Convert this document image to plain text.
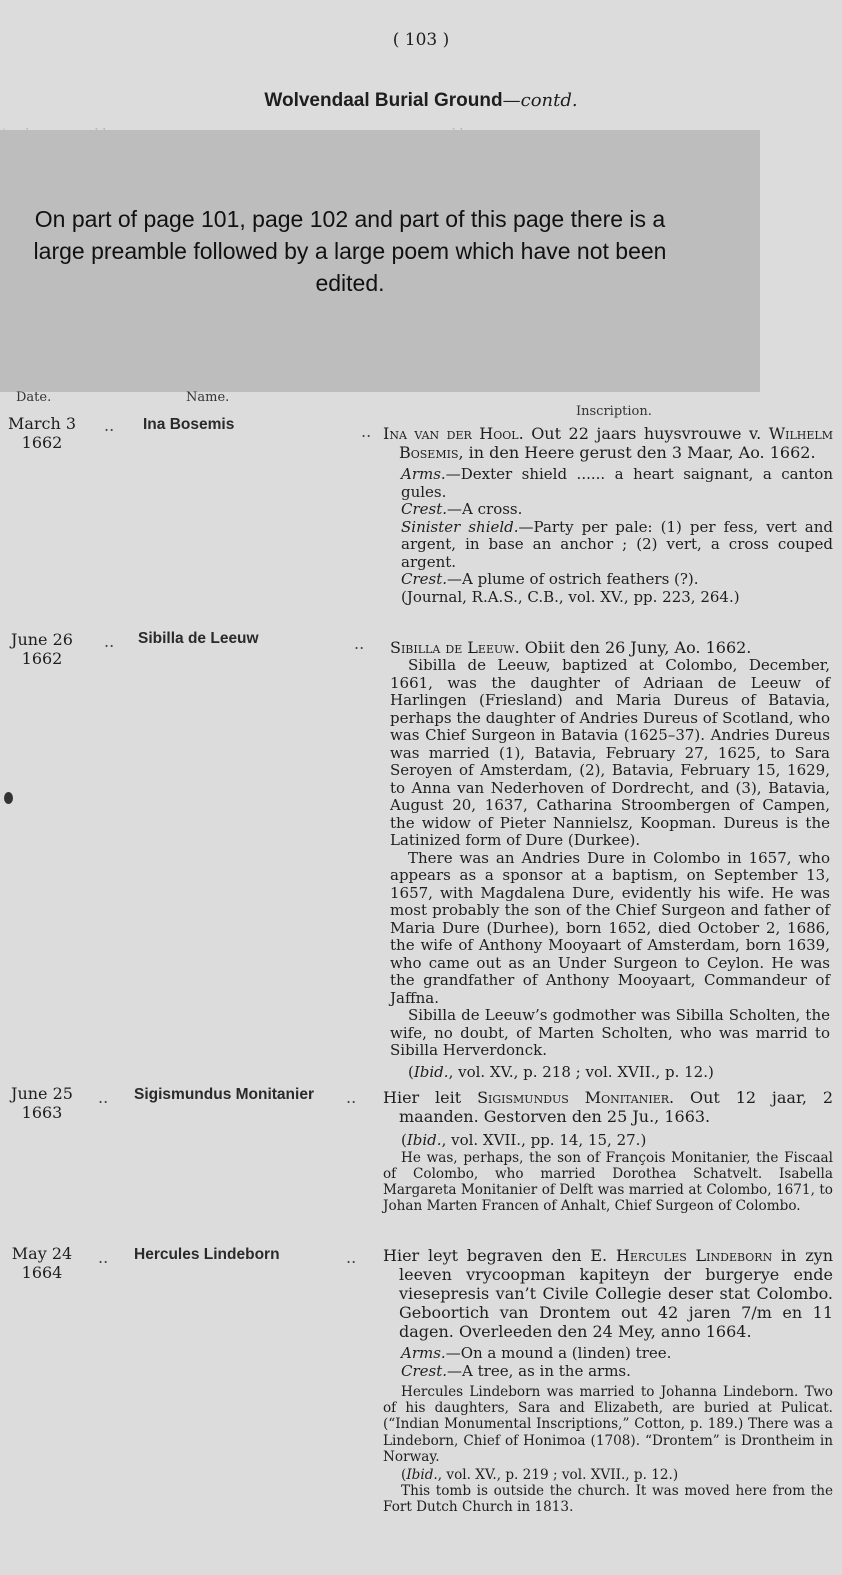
( 103 )
Wolvendaal Burial Ground—contd.
On part of page 101, page 102 and part of this page there is a large preamble followed by a large poem which have not been edited.
Date.	Name.
Inscription.
March 3
1662
.. Ina Bosemis	.. Ina van der Hool. Out 22 jaars huysvrouwe v. Wilhelm Bosemis, in den Heere gerust den 3 Maar, Ao. 1662.

Arms.—Dexter shield ...... a heart saignant, a canton gules.

Crest.—A cross.

Sinister shield.—Party per pale: (1) per fess, vert and argent, in base an anchor ; (2) vert, a cross couped argent.

Crest.—A plume of ostrich feathers (?).

(Journal, R.A.S., C.B., vol. XV., pp. 223, 264.)

June 26
1662
.. Sibilla de Leeuw	.. Sibilla de Leeuw. Obiit den 26 Juny, Ao. 1662.

Sibilla de Leeuw, baptized at Colombo, December, 1661, was the daughter of Adriaan de Leeuw of Harlingen (Friesland) and Maria Dureus of Batavia, perhaps the daughter of Andries Dureus of Scotland, who was Chief Surgeon in Batavia (1625–37). Andries Dureus was married (1), Batavia, February 27, 1625, to Sara Seroyen of Amsterdam, (2), Batavia, February 15, 1629, to Anna van Nederhoven of Dordrecht, and (3), Batavia, August 20, 1637, Catharina Stroombergen of Campen, the widow of Pieter Nannielsz, Koopman. Dureus is the Latinized form of Dure (Durkee).

There was an Andries Dure in Colombo in 1657, who appears as a sponsor at a baptism, on September 13, 1657, with Magdalena Dure, evidently his wife. He was most probably the son of the Chief Surgeon and father of Maria Dure (Durhee), born 1652, died October 2, 1686, the wife of Anthony Mooyaart of Amsterdam, born 1639, who came out as an Under Surgeon to Ceylon. He was the grandfather of Anthony Mooyaart, Commandeur of Jaffna.

Sibilla de Leeuw’s godmother was Sibilla Scholten, the wife, no doubt, of Marten Scholten, who was marrid to Sibilla Herverdonck.

(Ibid., vol. XV., p. 218 ; vol. XVII., p. 12.)

June 25
1663
.. Sigismundus Monitanier .. Hier leit Sigismundus Monitanier. Out 12 jaar, 2 maanden. Gestorven den 25 Ju., 1663.

(Ibid., vol. XVII., pp. 14, 15, 27.)

He was, perhaps, the son of François Monitanier, the Fiscaal of Colombo, who married Dorothea Schatvelt. Isabella Margareta Monitanier of Delft was married at Colombo, 1671, to Johan Marten Francen of Anhalt, Chief Surgeon of Colombo.

May 24
1664
.. Hercules Lindeborn	.. Hier leyt begraven den E. Hercules Lindeborn in zyn leeven vrycoopman kapiteyn der burgerye ende viesepresis van’t Civile Collegie deser stat Colombo. Geboortich van Drontem out 42 jaren 7/m en 11 dagen. Overleeden den 24 Mey, anno 1664.

Arms.—On a mound a (linden) tree.

Crest.—A tree, as in the arms.

Hercules Lindeborn was married to Johanna Lindeborn. Two of his daughters, Sara and Elizabeth, are buried at Pulicat. (“Indian Monumental Inscriptions,” Cotton, p. 189.) There was a Lindeborn, Chief of Honimoa (1708). “Drontem” is Drontheim in Norway.

(Ibid., vol. XV., p. 219 ; vol. XVII., p. 12.)

This tomb is outside the church. It was moved here from the Fort Dutch Church in 1813.
